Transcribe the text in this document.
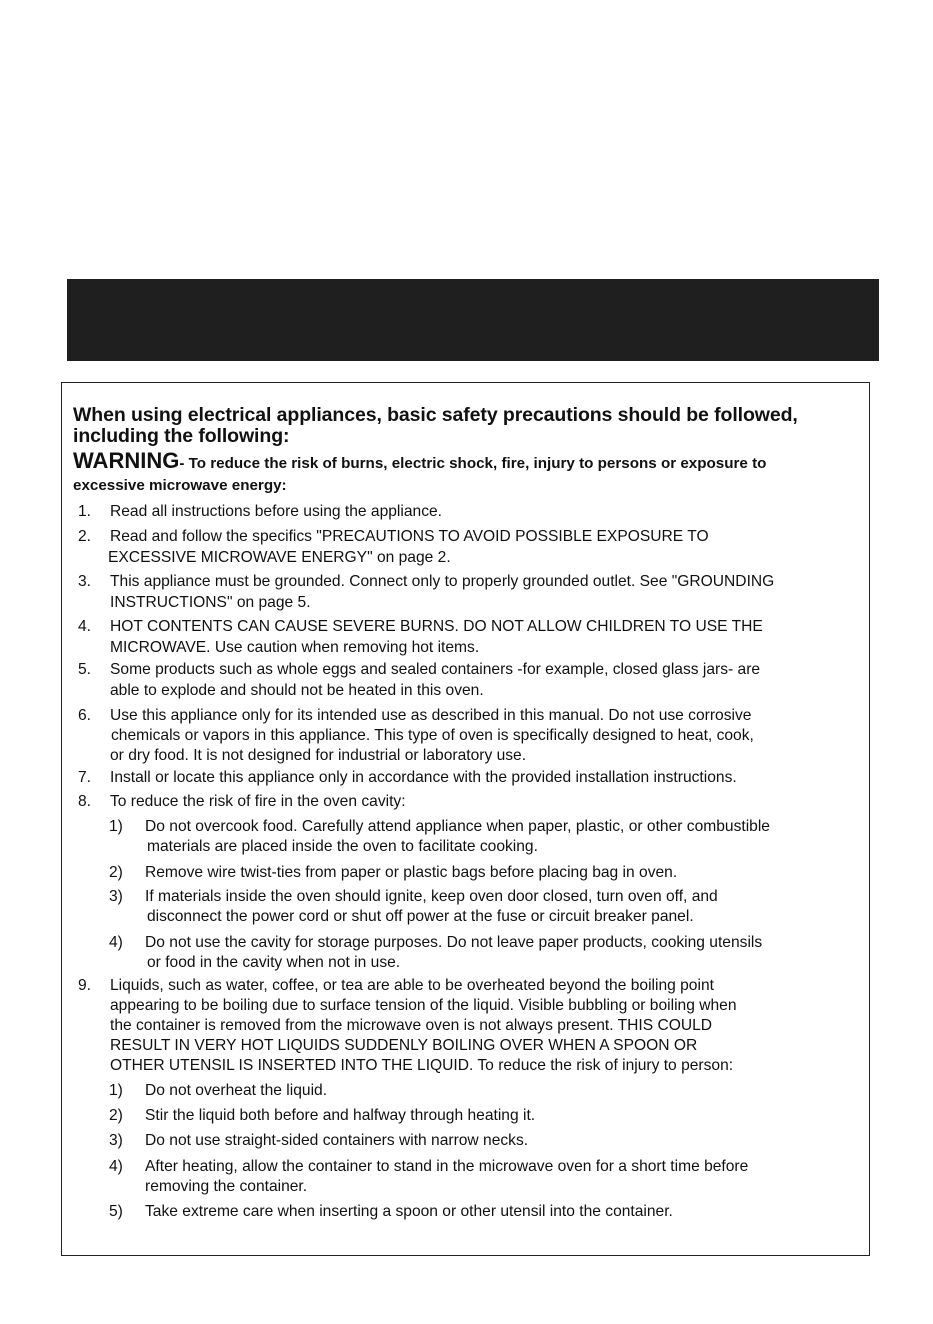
When using electrical appliances, basic safety precautions should be followed, including the following:
WARNING- To reduce the risk of burns, electric shock, fire, injury to persons or exposure to
excessive microwave energy:
1. Read all instructions before using the appliance.
2. Read and follow the specifics "PRECAUTIONS TO AVOID POSSIBLE EXPOSURE TO
EXCESSIVE MICROWAVE ENERGY" on page 2.
3. This appliance must be grounded. Connect only to properly grounded outlet. See "GROUNDING
INSTRUCTIONS" on page 5.
4. HOT CONTENTS CAN CAUSE SEVERE BURNS. DO NOT ALLOW CHILDREN TO USE THE
MICROWAVE. Use caution when removing hot items.
5. Some products such as whole eggs and sealed containers -for example, closed glass jars- are
able to explode and should not be heated in this oven.
6. Use this appliance only for its intended use as described in this manual. Do not use corrosive
chemicals or vapors in this appliance. This type of oven is specifically designed to heat, cook,
or dry food. It is not designed for industrial or laboratory use.
7. Install or locate this appliance only in accordance with the provided installation instructions.
8. To reduce the risk of fire in the oven cavity:
1) Do not overcook food. Carefully attend appliance when paper, plastic, or other combustible
materials are placed inside the oven to facilitate cooking.
2) Remove wire twist-ties from paper or plastic bags before placing bag in oven.
3) If materials inside the oven should ignite, keep oven door closed, turn oven off, and
disconnect the power cord or shut off power at the fuse or circuit breaker panel.
4) Do not use the cavity for storage purposes. Do not leave paper products, cooking utensils
or food in the cavity when not in use.
9. Liquids, such as water, coffee, or tea are able to be overheated beyond the boiling point
appearing to be boiling due to surface tension of the liquid. Visible bubbling or boiling when
the container is removed from the microwave oven is not always present. THIS COULD
RESULT IN VERY HOT LIQUIDS SUDDENLY BOILING OVER WHEN A SPOON OR
OTHER UTENSIL IS INSERTED INTO THE LIQUID. To reduce the risk of injury to person:
1) Do not overheat the liquid.
2) Stir the liquid both before and halfway through heating it.
3) Do not use straight-sided containers with narrow necks.
4) After heating, allow the container to stand in the microwave oven for a short time before
removing the container.
5) Take extreme care when inserting a spoon or other utensil into the container.
